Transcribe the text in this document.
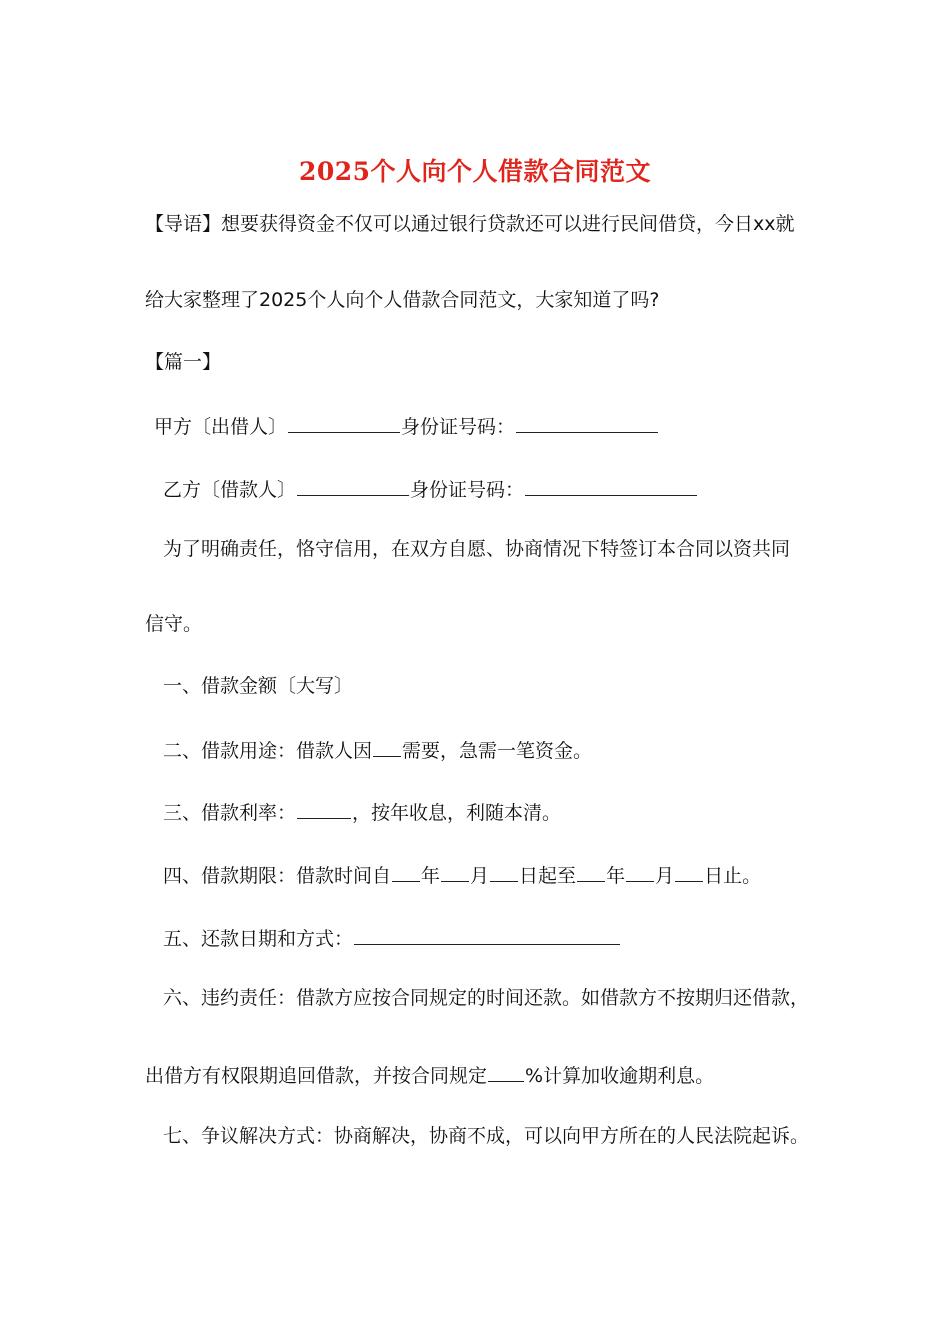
2025个人向个人借款合同范文
【导语】想要获得资金不仅可以通过银行贷款还可以进行民间借贷，今日xx就
给大家整理了2025个人向个人借款合同范文，大家知道了吗?
【篇一】
甲方〔出借人〕	身份证号码：
乙方〔借款人〕	身份证号码：
为了明确责任，恪守信用，在双方自愿、协商情况下特签订本合同以资共同
信守。
一、借款金额〔大写〕
二、借款用途：借款人因 需要，急需一笔资金。
三、借款利率：	，按年收息，利随本清。
四、借款期限：借款时间自 年 月 日起至 年 月 日止。
五、还款日期和方式：
六、违约责任：借款方应按合同规定的时间还款。如借款方不按期归还借款，
出借方有权限期追回借款，并按合同规定 %计算加收逾期利息。
七、争议解决方式：协商解决，协商不成，可以向甲方所在的人民法院起诉。
